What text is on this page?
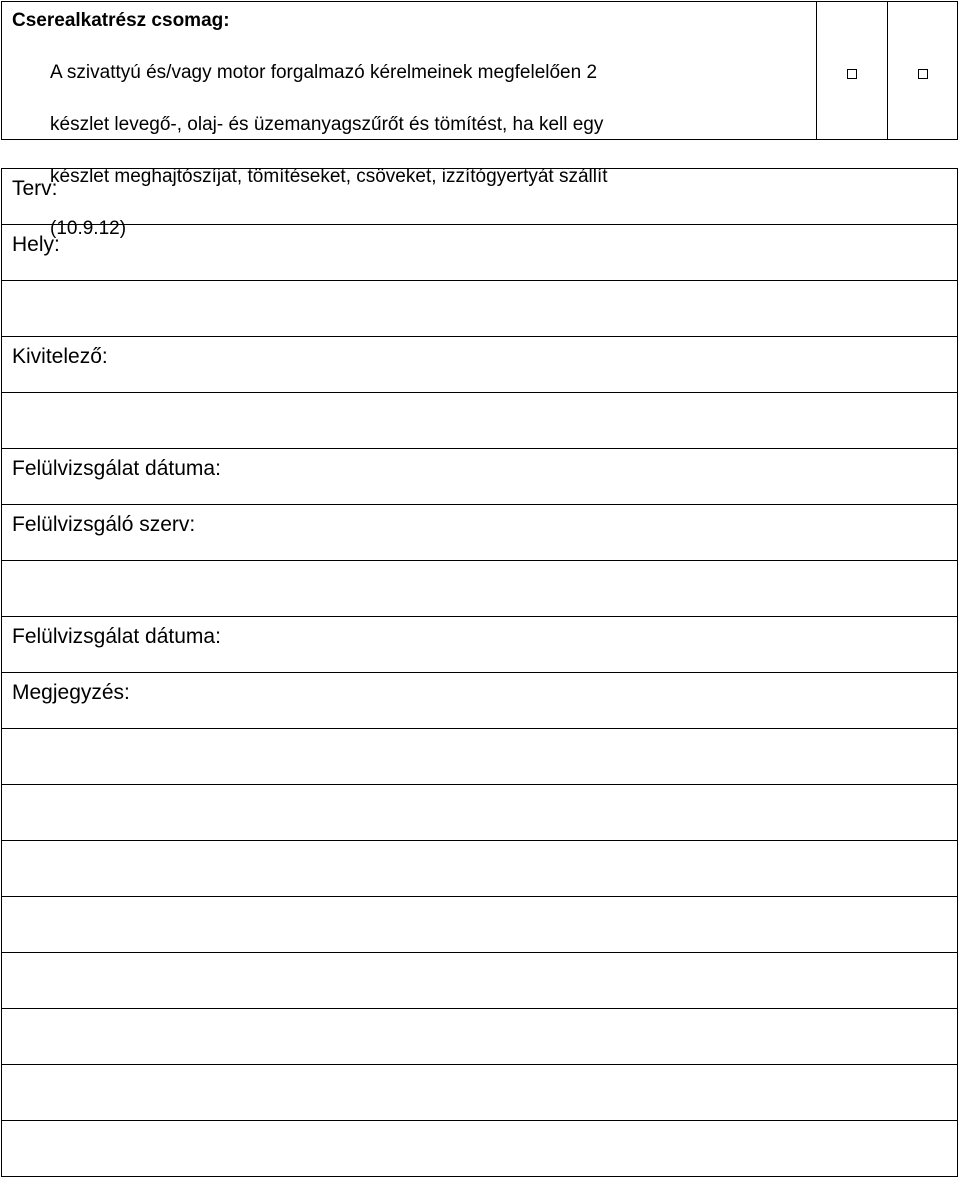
Cserealkatrész csomag:

A szivattyú és/vagy motor forgalmazó kérelmeinek megfelelően 2

készlet levegő-, olaj- és üzemanyagszűrőt és tömítést, ha kell egy

készlet meghajtószíjat, tömítéseket, csöveket, izzítógyertyát szállít

(10.9.12)

Terv:
Hely:
Kivitelező:
Felülvizsgálat dátuma:
Felülvizsgáló szerv:
Felülvizsgálat dátuma:
Megjegyzés:
